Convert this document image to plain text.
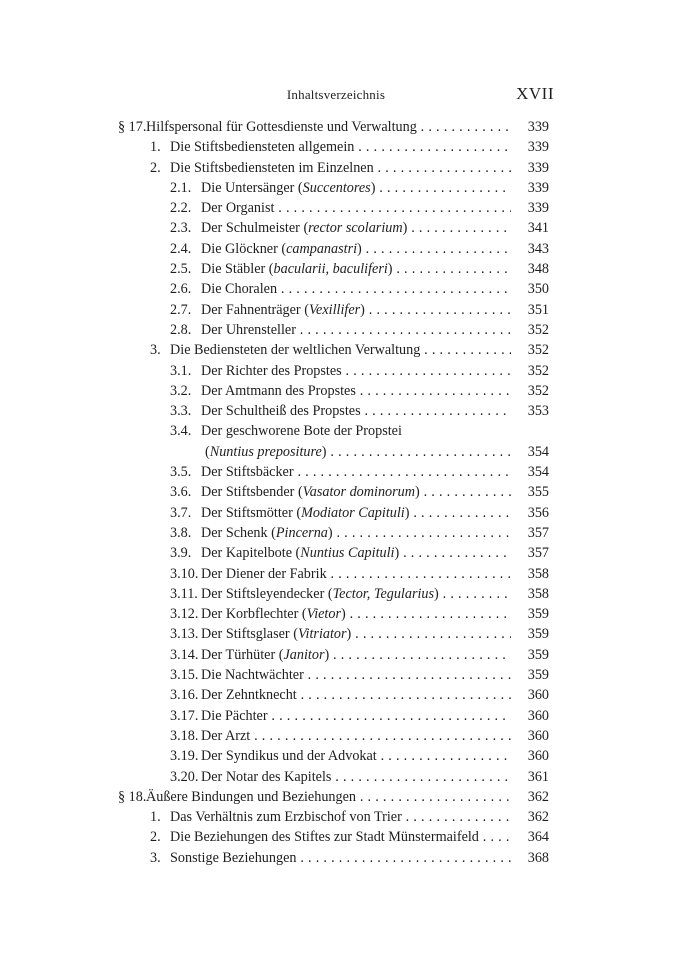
Inhaltsverzeichnis	XVII
§ 17. Hilfspersonal für Gottesdienste und Verwaltung . . .	339
1. Die Stiftsbediensteten allgemein . . .	339
2. Die Stiftsbediensteten im Einzelnen . . .	339
2.1. Die Untersänger (Succentores) . . .	339
2.2. Der Organist . . .	339
2.3. Der Schulmeister (rector scolarium) . . .	341
2.4. Die Glöckner (campanastri) . . .	343
2.5. Die Stäbler (bacularii, baculiferi) . . .	348
2.6. Die Choralen . . .	350
2.7. Der Fahnenträger (Vexillifer) . . .	351
2.8. Der Uhrensteller . . .	352
3. Die Bediensteten der weltlichen Verwaltung . . .	352
3.1. Der Richter des Propstes . . .	352
3.2. Der Amtmann des Propstes . . .	352
3.3. Der Schultheiß des Propstes . . .	353
3.4. Der geschworene Bote der Propstei
(Nuntius prepositure) . . .	354
3.5. Der Stiftsbäcker . . .	354
3.6. Der Stiftsbender (Vasator dominorum) . . .	355
3.7. Der Stiftsmötter (Modiator Capituli) . . .	356
3.8. Der Schenk (Pincerna) . . .	357
3.9. Der Kapitelbote (Nuntius Capituli) . . .	357
3.10. Der Diener der Fabrik . . .	358
3.11. Der Stiftsleyendecker (Tector, Tegularius) . . .	358
3.12. Der Korbflechter (Vietor) . . .	359
3.13. Der Stiftsglaser (Vitriator) . . .	359
3.14. Der Türhüter (Janitor) . . .	359
3.15. Die Nachtwächter . . .	359
3.16. Der Zehntknecht . . .	360
3.17. Die Pächter . . .	360
3.18. Der Arzt . . .	360
3.19. Der Syndikus und der Advokat . . .	360
3.20. Der Notar des Kapitels . . .	361
§ 18. Äußere Bindungen und Beziehungen . . .	362
1. Das Verhältnis zum Erzbischof von Trier . . .	362
2. Die Beziehungen des Stiftes zur Stadt Münstermaifeld . . .	364
3. Sonstige Beziehungen . . .	368
